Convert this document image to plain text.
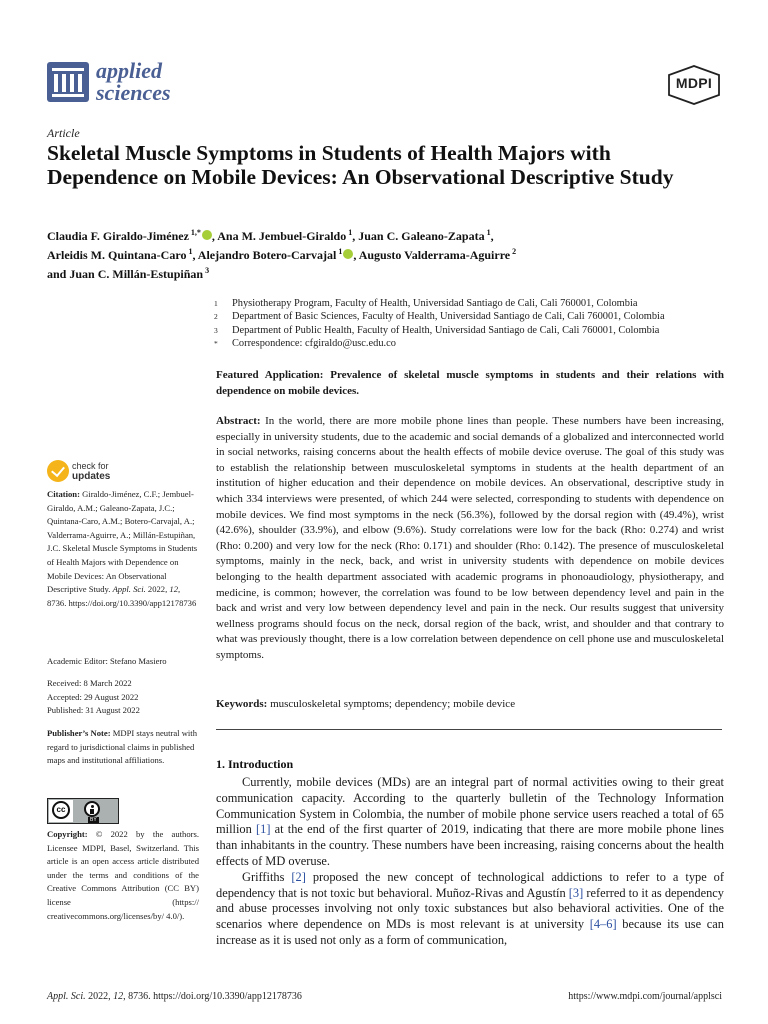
applied
sciences	MDPI
Article
Skeletal Muscle Symptoms in Students of Health Majors with Dependence on Mobile Devices: An Observational Descriptive Study
Claudia F. Giraldo-Jiménez $^{1,*}$ , Ana M. Jembuel-Giraldo $^1$, Juan C. Galeano-Zapata $^1$,
Arleidis M. Quintana-Caro $^1$, Alejandro Botero-Carvajal $^1$ , Augusto Valderrama-Aguirre $^2$
and Juan C. Millán-Estupiñan $^3$
1	Physiotherapy Program, Faculty of Health, Universidad Santiago de Cali, Cali 760001, Colombia
2	Department of Basic Sciences, Faculty of Health, Universidad Santiago de Cali, Cali 760001, Colombia
3	Department of Public Health, Faculty of Health, Universidad Santiago de Cali, Cali 760001, Colombia
*	Correspondence: cfgiraldo@usc.edu.co
Featured Application: Prevalence of skeletal muscle symptoms in students and their relations with dependence on mobile devices.
Abstract: In the world, there are more mobile phone lines than people. These numbers have been increasing, especially in university students, due to the academic and social demands of a globalized and interconnected world in social networks, raising concerns about the health effects of mobile device overuse. The goal of this study was to establish the relationship between musculoskeletal symptoms in students at the health department of an institution of higher education and their dependence on mobile devices. An observational, descriptive study in which 334 interviews were presented, of which 244 were selected, corresponding to students with dependence on mobile devices. We find most symptoms in the neck (56.3%), followed by the dorsal region with (49.4%), wrist (42.6%), shoulder (33.9%), and elbow (9.6%). Study correlations were low for the back (Rho: 0.274) and wrist (Rho: 0.200) and very low for the neck (Rho: 0.171) and shoulder (Rho: 0.142). The presence of musculoskeletal symptoms, mainly in the neck, back, and wrist in university students with dependence on mobile devices belonging to the health department associated with academic programs in phonoaudiology, physiotherapy, and medicine, is common; however, the correlation was found to be low between dependency level and pain in the back and wrist and very low between dependency level and pain in the neck. Our results suggest that university wellness programs should focus on the neck, dorsal region of the back, wrist, and shoulder and that contrary to what was previously thought, there is a low correlation between dependence on cell phone use and musculoskeletal symptoms.
Keywords: musculoskeletal symptoms; dependency; mobile device
1. Introduction

Currently, mobile devices (MDs) are an integral part of normal activities owing to their great communication capacity. According to the quarterly bulletin of the Technology Information Communication System in Colombia, the number of mobile phone service users reached a total of 65 million [1] at the end of the first quarter of 2019, indicating that there are more mobile phone lines than inhabitants in the country. These numbers have been increasing, raising concerns about the health effects of MD overuse.

Griffiths [2] proposed the new concept of technological addictions to refer to a type of dependency that is not toxic but behavioral. Muñoz-Rivas and Agustín [3] referred to it as dependency and abuse processes involving not only toxic substances but also behavioral activities. One of the scenarios where dependence on MDs is most relevant is at university [4–6] because its use can increase as it is used not only as a form of communication,

check for
updates
Citation: Giraldo-Jiménez, C.F.; Jembuel-Giraldo, A.M.; Galeano-Zapata, J.C.; Quintana-Caro, A.M.; Botero-Carvajal, A.; Valderrama-Aguirre, A.; Millán-Estupiñan, J.C. Skeletal Muscle Symptoms in Students of Health Majors with Dependence on Mobile Devices: An Observational Descriptive Study. Appl. Sci. 2022, 12, 8736. https://doi.org/10.3390/app12178736
Academic Editor: Stefano Masiero
Received: 8 March 2022
Accepted: 29 August 2022
Published: 31 August 2022
Publisher’s Note: MDPI stays neutral with regard to jurisdictional claims in published maps and institutional affiliations.
cc
BY
Copyright: © 2022 by the authors. Licensee MDPI, Basel, Switzerland. This article is an open access article distributed under the terms and conditions of the Creative Commons Attribution (CC BY) license (https:// creativecommons.org/licenses/by/ 4.0/).
Appl. Sci. 2022, 12, 8736. https://doi.org/10.3390/app12178736	https://www.mdpi.com/journal/applsci
